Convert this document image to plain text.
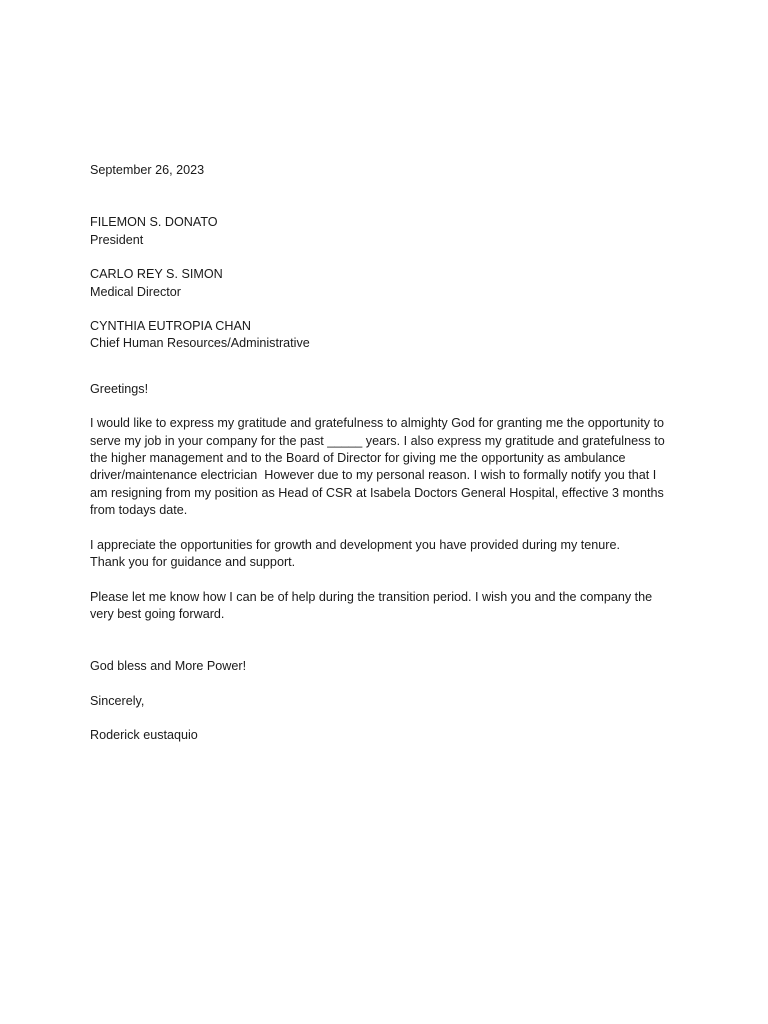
September 26, 2023
FILEMON S. DONATO
President
CARLO REY S. SIMON
Medical Director
CYNTHIA EUTROPIA CHAN
Chief Human Resources/Administrative
Greetings!
I would like to express my gratitude and gratefulness to almighty God for granting me the opportunity to
serve my job in your company for the past _____ years. I also express my gratitude and gratefulness to
the higher management and to the Board of Director for giving me the opportunity as ambulance
driver/maintenance electrician  However due to my personal reason. I wish to formally notify you that I
am resigning from my position as Head of CSR at Isabela Doctors General Hospital, effective 3 months
from todays date.
I appreciate the opportunities for growth and development you have provided during my tenure.
Thank you for guidance and support.
Please let me know how I can be of help during the transition period. I wish you and the company the
very best going forward.
God bless and More Power!
Sincerely,
Roderick eustaquio
